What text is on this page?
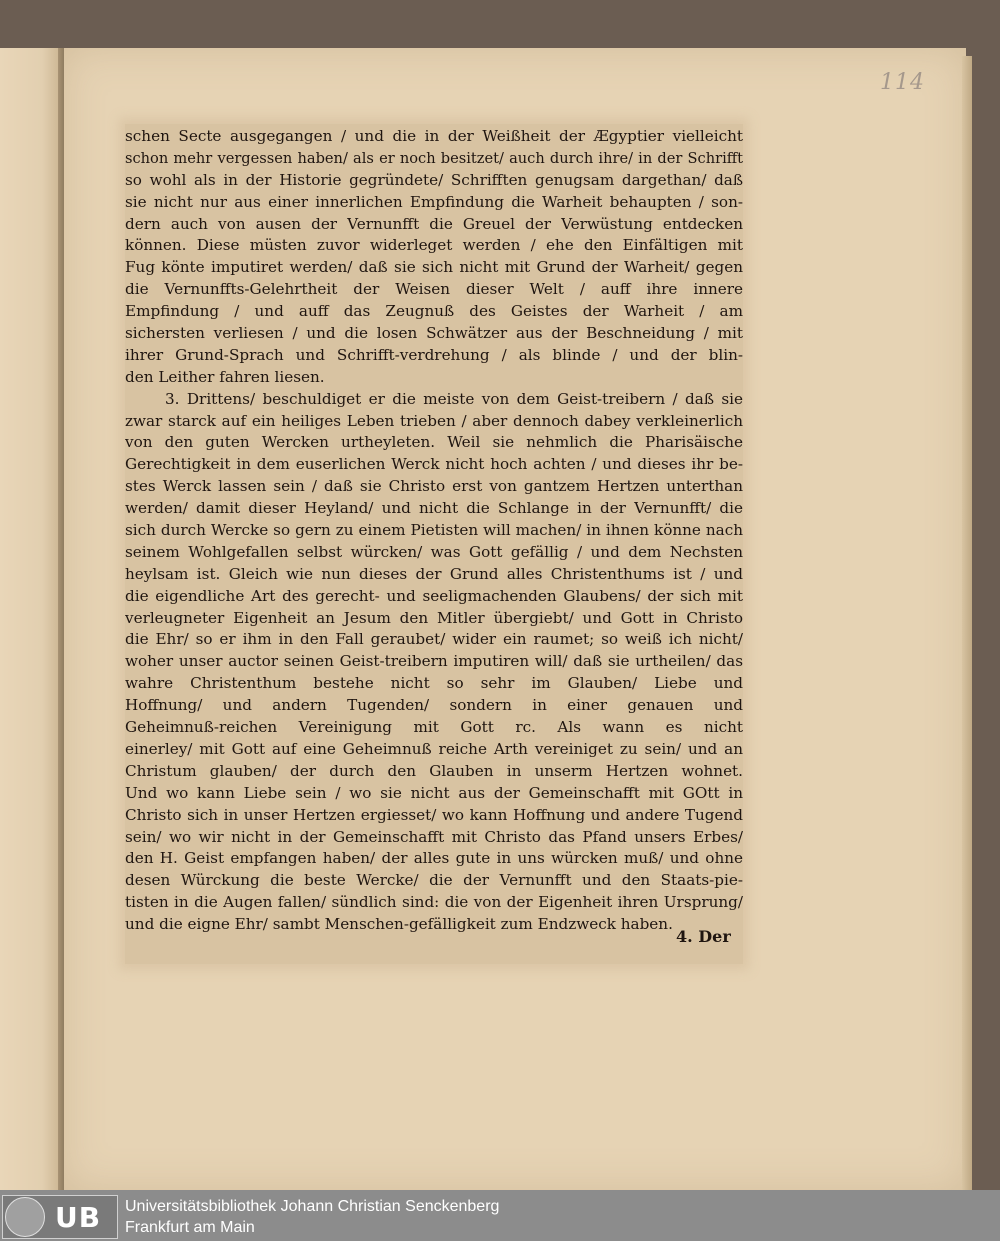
114
schen Secte ausgegangen / und die in der Weißheit der Ægyptier vielleicht
schon mehr vergessen haben/ als er noch besitzet/ auch durch ihre/ in der Schrifft
so wohl als in der Historie gegründete/ Schrifften genugsam dargethan/ daß
sie nicht nur aus einer innerlichen Empfindung die Warheit behaupten / son-
dern auch von ausen der Vernunfft die Greuel der Verwüstung entdecken
können. Diese müsten zuvor widerleget werden / ehe den Einfältigen mit
Fug könte imputiret werden/ daß sie sich nicht mit Grund der Warheit/ gegen
die Vernunffts-Gelehrtheit der Weisen dieser Welt / auff ihre innere
Empfindung / und auff das Zeugnuß des Geistes der Warheit / am
sichersten verliesen / und die losen Schwätzer aus der Beschneidung / mit
ihrer Grund-Sprach und Schrifft-verdrehung / als blinde / und der blin-
den Leither fahren liesen.
3. Drittens/ beschuldiget er die meiste von dem Geist-treibern / daß sie
zwar starck auf ein heiliges Leben trieben / aber dennoch dabey verkleinerlich
von den guten Wercken urtheyleten. Weil sie nehmlich die Pharisäische
Gerechtigkeit in dem euserlichen Werck nicht hoch achten / und dieses ihr be-
stes Werck lassen sein / daß sie Christo erst von gantzem Hertzen unterthan
werden/ damit dieser Heyland/ und nicht die Schlange in der Vernunfft/ die
sich durch Wercke so gern zu einem Pietisten will machen/ in ihnen könne nach
seinem Wohlgefallen selbst würcken/ was Gott gefällig / und dem Nechsten
heylsam ist. Gleich wie nun dieses der Grund alles Christenthums ist / und
die eigendliche Art des gerecht- und seeligmachenden Glaubens/ der sich mit
verleugneter Eigenheit an Jesum den Mitler übergiebt/ und Gott in Christo
die Ehr/ so er ihm in den Fall geraubet/ wider ein raumet; so weiß ich nicht/
woher unser auctor seinen Geist-treibern imputiren will/ daß sie urtheilen/ das
wahre Christenthum bestehe nicht so sehr im Glauben/ Liebe und
Hoffnung/ und andern Tugenden/ sondern in einer genauen und
Geheimnuß-reichen Vereinigung mit Gott rc. Als wann es nicht
einerley/ mit Gott auf eine Geheimnuß reiche Arth vereiniget zu sein/ und an
Christum glauben/ der durch den Glauben in unserm Hertzen wohnet.
Und wo kann Liebe sein / wo sie nicht aus der Gemeinschafft mit GOtt in
Christo sich in unser Hertzen ergiesset/ wo kann Hoffnung und andere Tugend
sein/ wo wir nicht in der Gemeinschafft mit Christo das Pfand unsers Erbes/
den H. Geist empfangen haben/ der alles gute in uns würcken muß/ und ohne
desen Würckung die beste Wercke/ die der Vernunfft und den Staats-pie-
tisten in die Augen fallen/ sündlich sind: die von der Eigenheit ihren Ursprung/
und die eigne Ehr/ sambt Menschen-gefälligkeit zum Endzweck haben.
4. Der
UB Universitätsbibliothek Johann Christian Senckenberg
Frankfurt am Main
